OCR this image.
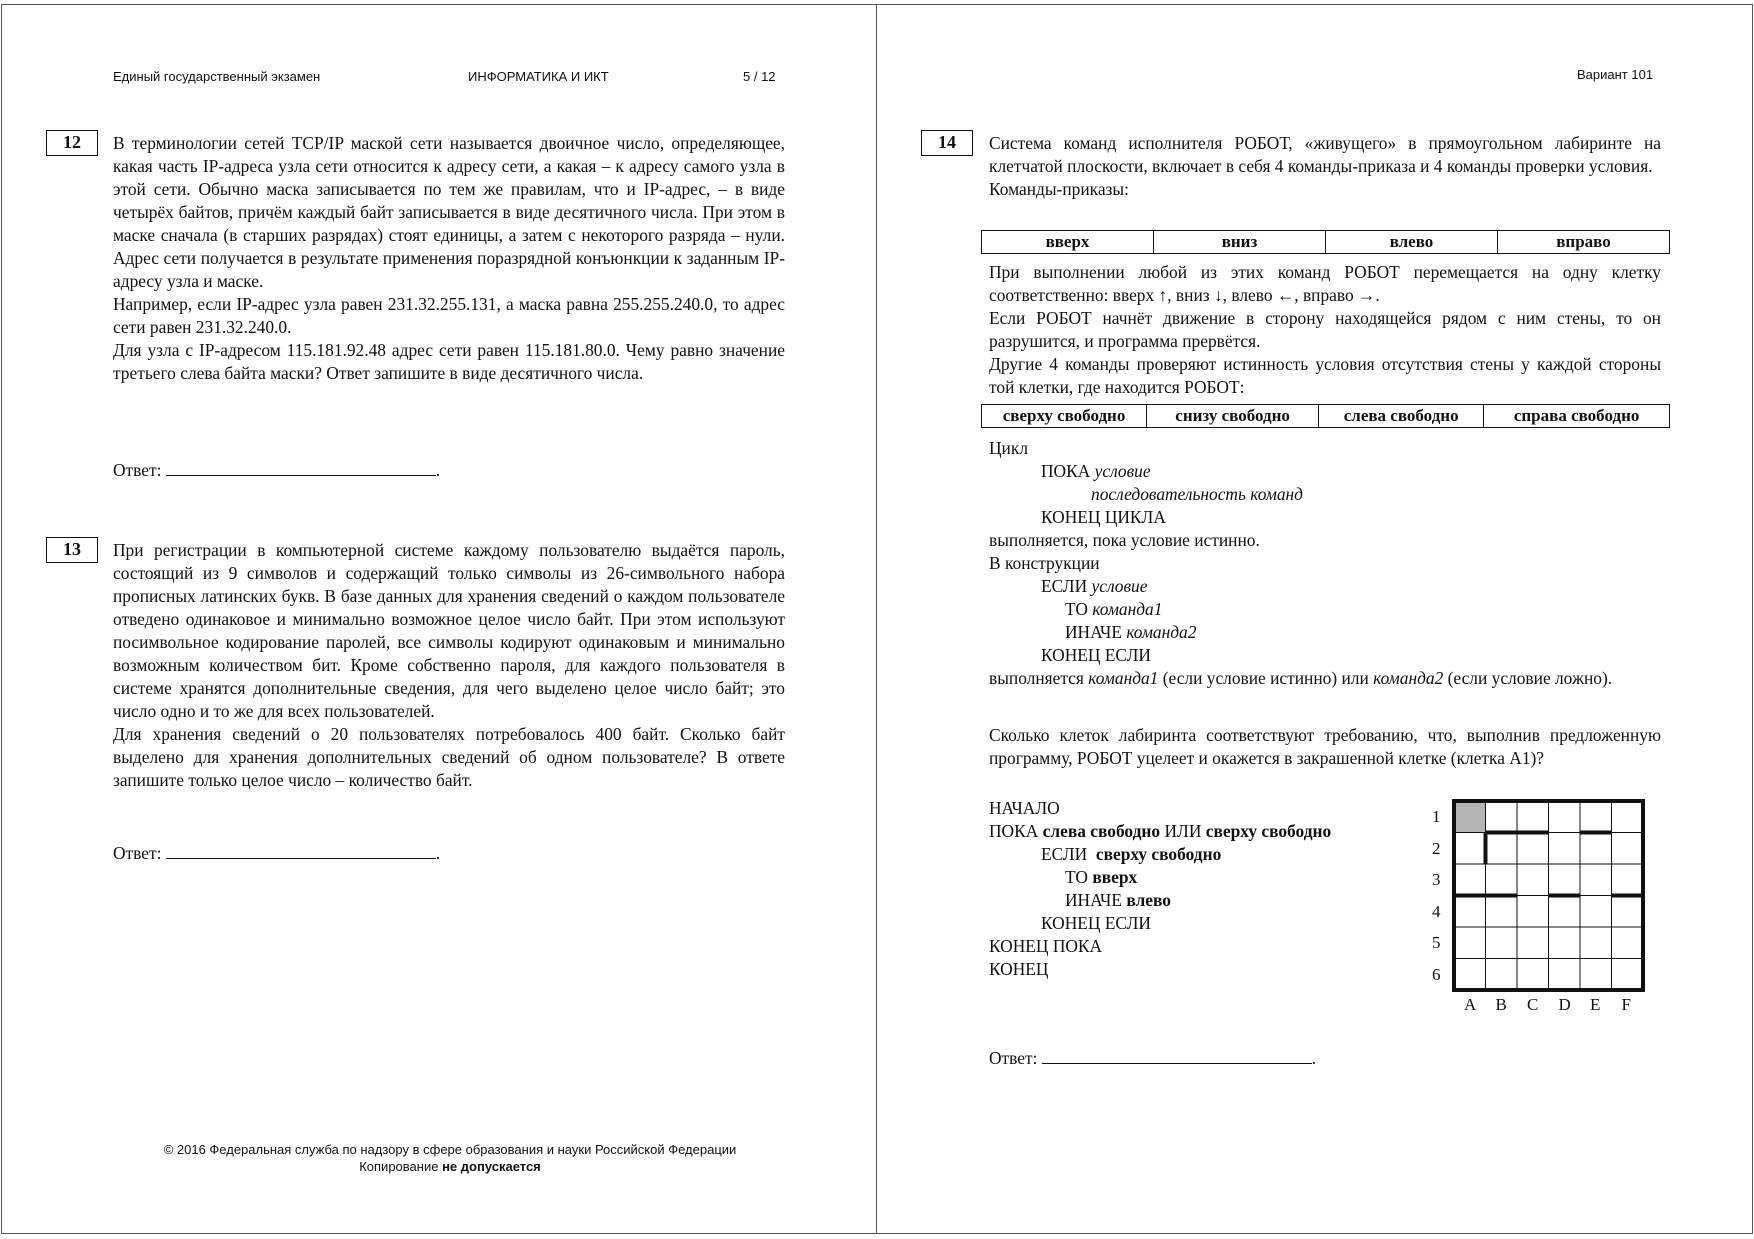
Единый государственный экзамен	ИНФОРМАТИКА И ИКТ	5 / 12
12	В терминологии сетей TCP/IP маской сети называется двоичное число, определяющее, какая часть IP-адреса узла сети относится к адресу сети, а какая – к адресу самого узла в этой сети. Обычно маска записывается по тем же правилам, что и IP-адрес, – в виде четырёх байтов, причём каждый байт записывается в виде десятичного числа. При этом в маске сначала (в старших разрядах) стоят единицы, а затем с некоторого разряда – нули. Адрес сети получается в результате применения поразрядной конъюнкции к заданным IP-адресу узла и маске.

Например, если IP-адрес узла равен 231.32.255.131, а маска равна 255.255.240.0, то адрес сети равен 231.32.240.0.

Для узла с IP-адресом 115.181.92.48 адрес сети равен 115.181.80.0. Чему равно значение третьего слева байта маски? Ответ запишите в виде десятичного числа.

Ответ:	.
13	При регистрации в компьютерной системе каждому пользователю выдаётся пароль, состоящий из 9 символов и содержащий только символы из 26-символьного набора прописных латинских букв. В базе данных для хранения сведений о каждом пользователе отведено одинаковое и минимально возможное целое число байт. При этом используют посимвольное кодирование паролей, все символы кодируют одинаковым и минимально возможным количеством бит. Кроме собственно пароля, для каждого пользователя в системе хранятся дополнительные сведения, для чего выделено целое число байт; это число одно и то же для всех пользователей.

Для хранения сведений о 20 пользователях потребовалось 400 байт. Сколько байт выделено для хранения дополнительных сведений об одном пользователе? В ответе запишите только целое число – количество байт.

Ответ:	.
© 2016 Федеральная служба по надзору в сфере образования и науки Российской Федерации
Копирование не допускается
Вариант 101
14	Система команд исполнителя РОБОТ, «живущего» в прямоугольном лабиринте на клетчатой плоскости, включает в себя 4 команды-приказа и 4 команды проверки условия.

Команды-приказы:

вверх	вниз	влево	вправо

При выполнении любой из этих команд РОБОТ перемещается на одну клетку соответственно: вверх ↑, вниз ↓, влево ←, вправо →.

Если РОБОТ начнёт движение в сторону находящейся рядом с ним стены, то он разрушится, и программа прервётся.

Другие 4 команды проверяют истинность условия отсутствия стены у каждой стороны той клетки, где находится РОБОТ:

сверху свободно	снизу свободно	слева свободно	справа свободно
Цикл
ПОКА условие
последовательность команд
КОНЕЦ ЦИКЛА
выполняется, пока условие истинно.
В конструкции
ЕСЛИ условие
ТО команда1
ИНАЧЕ команда2
КОНЕЦ ЕСЛИ
выполняется команда1 (если условие истинно) или команда2 (если условие ложно).

Сколько клеток лабиринта соответствуют требованию, что, выполнив предложенную программу, РОБОТ уцелеет и окажется в закрашенной клетке (клетка А1)?

НАЧАЛО
ПОКА слева свободно ИЛИ сверху свободно
ЕСЛИ сверху свободно
ТО вверх
ИНАЧЕ влево
КОНЕЦ ЕСЛИ
КОНЕЦ ПОКА
КОНЕЦ
1
2
3
4
5
6
A B C D E F
Ответ:	.
